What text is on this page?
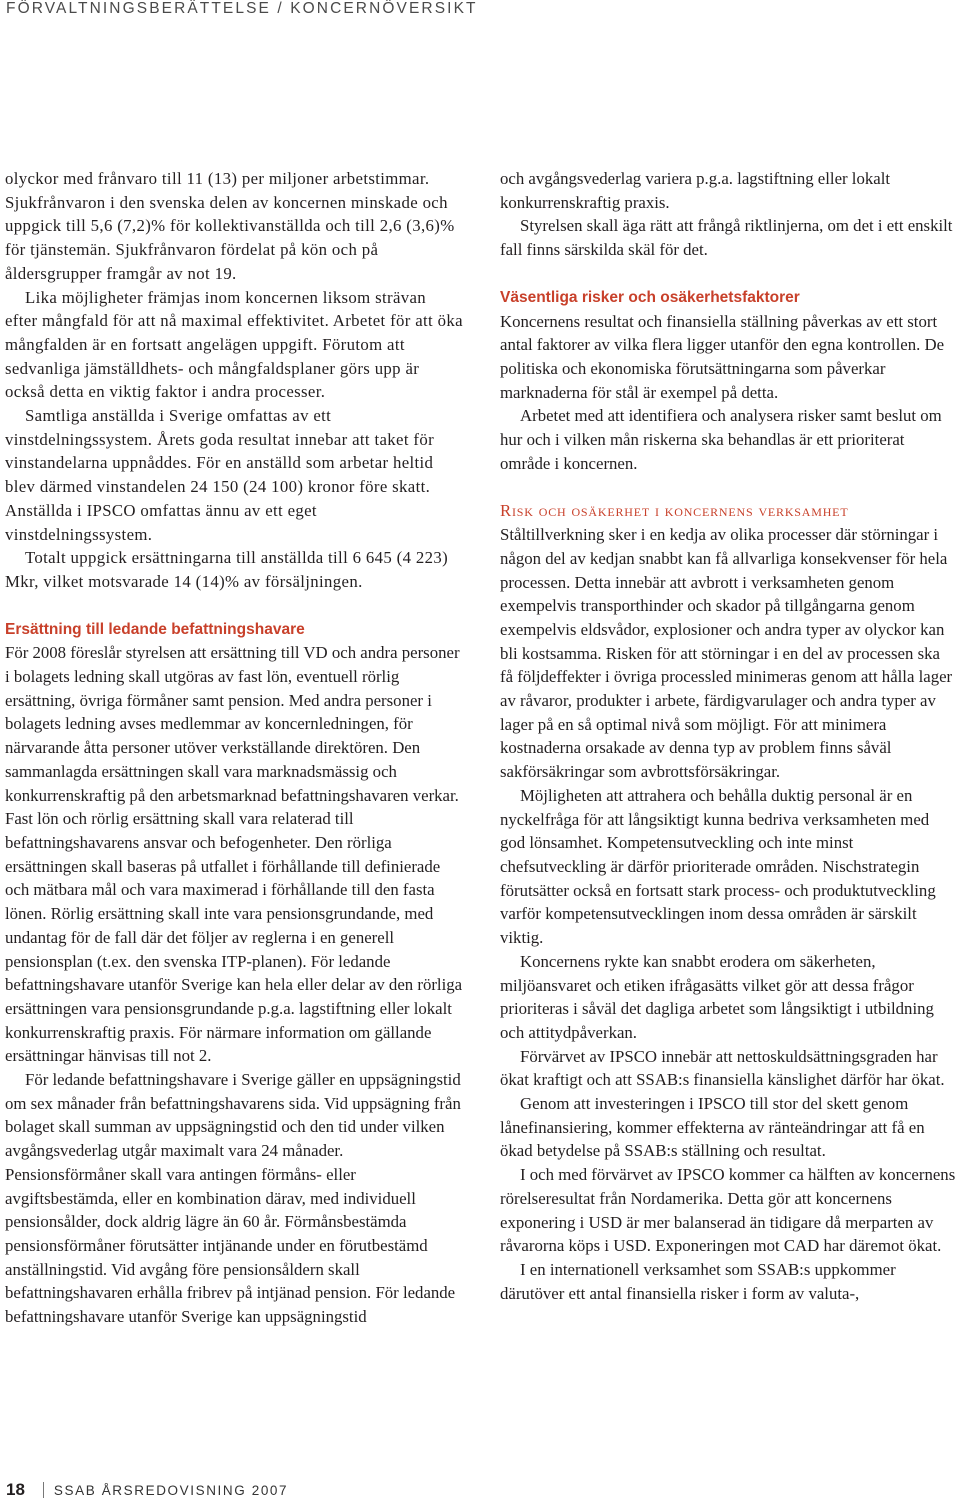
FÖRVALTNINGSBERÄTTELSE / KONCERNÖVERSIKT

olyckor med frånvaro till 11 (13) per miljoner arbetstimmar. Sjukfrånvaron i den svenska delen av koncernen minskade och uppgick till 5,6 (7,2)% för kollektivanställda och till 2,6 (3,6)% för tjänstemän. Sjukfrånvaron fördelat på kön och på åldersgrupper framgår av not 19.

Lika möjligheter främjas inom koncernen liksom strävan efter mångfald för att nå maximal effektivitet. Arbetet för att öka mångfalden är en fortsatt angelägen uppgift. Förutom att sedvanliga jämställdhets- och mångfaldsplaner görs upp är också detta en viktig faktor i andra processer.

Samtliga anställda i Sverige omfattas av ett vinstdelningssystem. Årets goda resultat innebar att taket för vinstandelarna uppnåddes. För en anställd som arbetar heltid blev därmed vinstandelen 24 150 (24 100) kronor före skatt. Anställda i IPSCO omfattas ännu av ett eget vinstdelningssystem.

Totalt uppgick ersättningarna till anställda till 6 645 (4 223) Mkr, vilket motsvarade 14 (14)% av försäljningen.

Ersättning till ledande befattningshavare

För 2008 föreslår styrelsen att ersättning till VD och andra personer i bolagets ledning skall utgöras av fast lön, eventuell rörlig ersättning, övriga förmåner samt pension. Med andra personer i bolagets ledning avses medlemmar av koncernledningen, för närvarande åtta personer utöver verkställande direktören. Den sammanlagda ersättningen skall vara marknadsmässig och konkurrenskraftig på den arbetsmarknad befattningshavaren verkar. Fast lön och rörlig ersättning skall vara relaterad till befattningshavarens ansvar och befogenheter. Den rörliga ersättningen skall baseras på utfallet i förhållande till definierade och mätbara mål och vara maximerad i förhållande till den fasta lönen. Rörlig ersättning skall inte vara pensionsgrundande, med undantag för de fall där det följer av reglerna i en generell pensionsplan (t.ex. den svenska ITP-planen). För ledande befattningshavare utanför Sverige kan hela eller delar av den rörliga ersättningen vara pensionsgrundande p.g.a. lagstiftning eller lokalt konkurrenskraftig praxis. För närmare information om gällande ersättningar hänvisas till not 2.

För ledande befattningshavare i Sverige gäller en uppsägningstid om sex månader från befattningshavarens sida. Vid uppsägning från bolaget skall summan av uppsägningstid och den tid under vilken avgångsvederlag utgår maximalt vara 24 månader. Pensionsförmåner skall vara antingen förmåns- eller avgiftsbestämda, eller en kombination därav, med individuell pensionsålder, dock aldrig lägre än 60 år. Förmånsbestämda pensionsförmåner förutsätter intjänande under en förutbestämd anställningstid. Vid avgång före pensionsåldern skall befattningshavaren erhålla fribrev på intjänad pension. För ledande befattningshavare utanför Sverige kan uppsägningstid

och avgångsvederlag variera p.g.a. lagstiftning eller lokalt konkurrenskraftig praxis.

Styrelsen skall äga rätt att frångå riktlinjerna, om det i ett enskilt fall finns särskilda skäl för det.

Väsentliga risker och osäkerhetsfaktorer

Koncernens resultat och finansiella ställning påverkas av ett stort antal faktorer av vilka flera ligger utanför den egna kontrollen. De politiska och ekonomiska förutsättningarna som påverkar marknaderna för stål är exempel på detta.

Arbetet med att identifiera och analysera risker samt beslut om hur och i vilken mån riskerna ska behandlas är ett prioriterat område i koncernen.

Risk och osäkerhet i koncernens verksamhet

Ståltillverkning sker i en kedja av olika processer där störningar i någon del av kedjan snabbt kan få allvarliga konsekvenser för hela processen. Detta innebär att avbrott i verksamheten genom exempelvis transporthinder och skador på tillgångarna genom exempelvis eldsvådor, explosioner och andra typer av olyckor kan bli kostsamma. Risken för att störningar i en del av processen ska få följdeffekter i övriga processled minimeras genom att hålla lager av råvaror, produkter i arbete, färdigvarulager och andra typer av lager på en så optimal nivå som möjligt. För att minimera kostnaderna orsakade av denna typ av problem finns såväl sakförsäkringar som avbrottsförsäkringar.

Möjligheten att attrahera och behålla duktig personal är en nyckelfråga för att långsiktigt kunna bedriva verksamheten med god lönsamhet. Kompetensutveckling och inte minst chefsutveckling är därför prioriterade områden. Nischstrategin förutsätter också en fortsatt stark process- och produktutveckling varför kompetensutvecklingen inom dessa områden är särskilt viktig.

Koncernens rykte kan snabbt erodera om säkerheten, miljöansvaret och etiken ifrågasätts vilket gör att dessa frågor prioriteras i såväl det dagliga arbetet som långsiktigt i utbildning och attitydpåverkan.

Förvärvet av IPSCO innebär att nettoskuldsättningsgraden har ökat kraftigt och att SSAB:s finansiella känslighet därför har ökat.

Genom att investeringen i IPSCO till stor del skett genom lånefinansiering, kommer effekterna av ränteändringar att få en ökad betydelse på SSAB:s ställning och resultat.

I och med förvärvet av IPSCO kommer ca hälften av koncernens rörelseresultat från Nordamerika. Detta gör att koncernens exponering i USD är mer balanserad än tidigare då merparten av råvarorna köps i USD. Exponeringen mot CAD har däremot ökat.

I en internationell verksamhet som SSAB:s uppkommer därutöver ett antal finansiella risker i form av valuta-,

18 SSAB ÅRSREDOVISNING 2007
